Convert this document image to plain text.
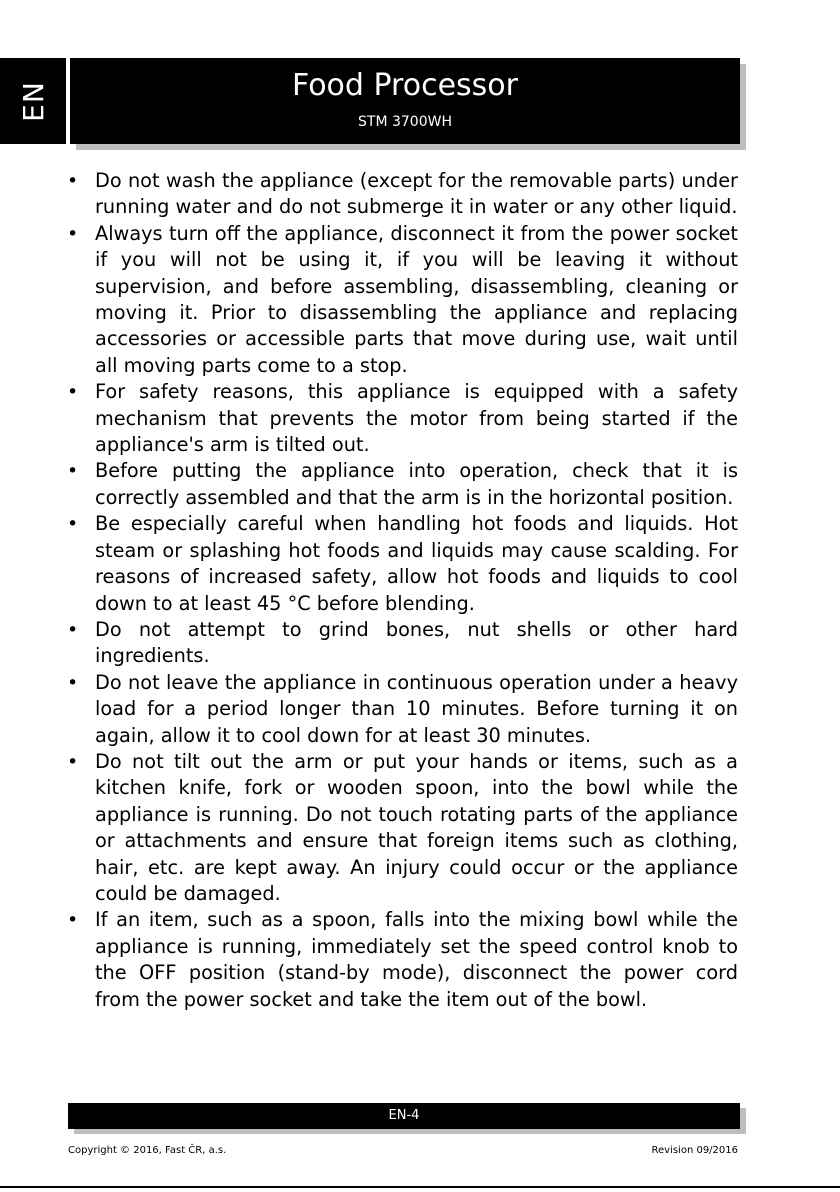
EN	Food Processor
STM 3700WH
• Do not wash the appliance (except for the removable parts) under running water and do not submerge it in water or any other liquid.
• Always turn off the appliance, disconnect it from the power socket if you will not be using it, if you will be leaving it without supervision, and before assembling, disassembling, cleaning or moving it. Prior to disassembling the appliance and replacing accessories or accessible parts that move during use, wait until all moving parts come to a stop.
• For safety reasons, this appliance is equipped with a safety mechanism that prevents the motor from being started if the appliance's arm is tilted out.
• Before putting the appliance into operation, check that it is correctly assembled and that the arm is in the horizontal position.
• Be especially careful when handling hot foods and liquids. Hot steam or splashing hot foods and liquids may cause scalding. For reasons of increased safety, allow hot foods and liquids to cool down to at least 45 °C before blending.
• Do not attempt to grind bones, nut shells or other hard ingredients.
• Do not leave the appliance in continuous operation under a heavy load for a period longer than 10 minutes. Before turning it on again, allow it to cool down for at least 30 minutes.
• Do not tilt out the arm or put your hands or items, such as a kitchen knife, fork or wooden spoon, into the bowl while the appliance is running. Do not touch rotating parts of the appliance or attachments and ensure that foreign items such as clothing, hair, etc. are kept away. An injury could occur or the appliance could be damaged.
• If an item, such as a spoon, falls into the mixing bowl while the appliance is running, immediately set the speed control knob to the OFF position (stand-by mode), disconnect the power cord from the power socket and take the item out of the bowl.
EN-4
Copyright © 2016, Fast ČR, a.s.	Revision 09/2016
